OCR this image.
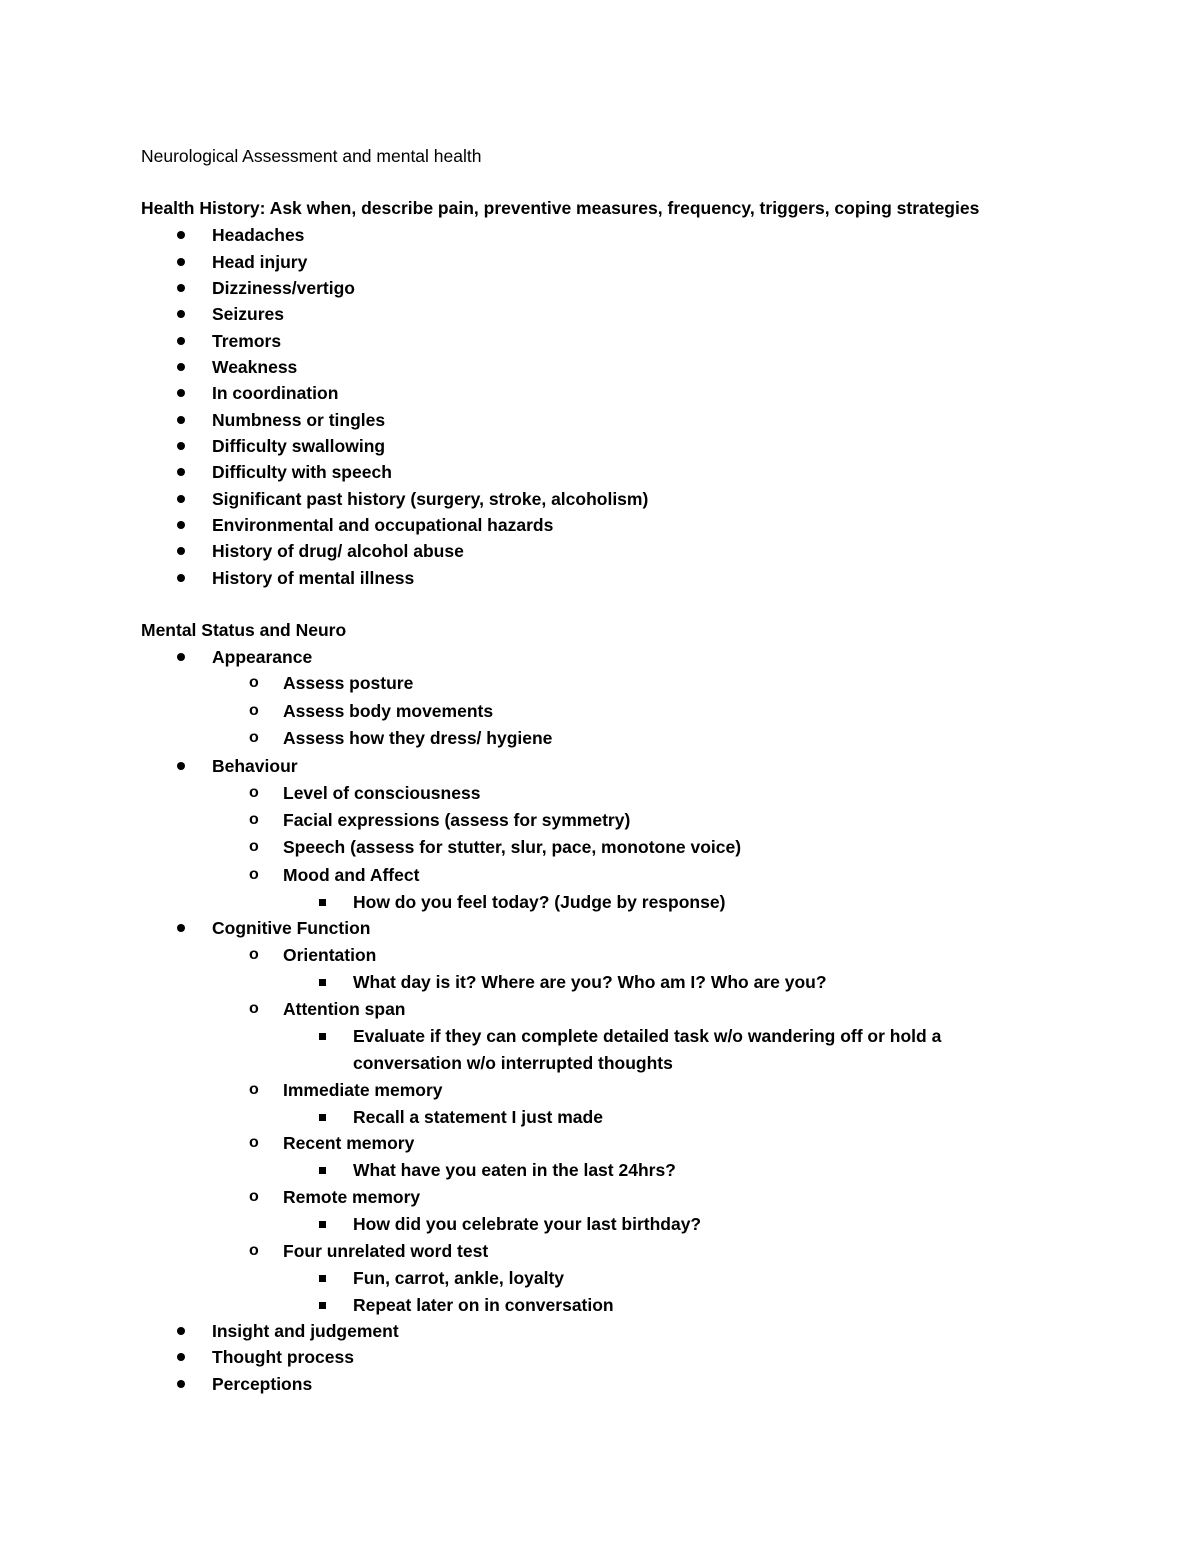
Neurological Assessment and mental health
Health History: Ask when, describe pain, preventive measures, frequency, triggers, coping strategies
Headaches
Head injury
Dizziness/vertigo
Seizures
Tremors
Weakness
In coordination
Numbness or tingles
Difficulty swallowing
Difficulty with speech
Significant past history (surgery, stroke, alcoholism)
Environmental and occupational hazards
History of drug/ alcohol abuse
History of mental illness
Mental Status and Neuro
Appearance
o Assess posture
o Assess body movements
o Assess how they dress/ hygiene
Behaviour
o Level of consciousness
o Facial expressions (assess for symmetry)
o Speech (assess for stutter, slur, pace, monotone voice)
o Mood and Affect
How do you feel today? (Judge by response)
Cognitive Function
o Orientation
What day is it? Where are you? Who am I? Who are you?
o Attention span
Evaluate if they can complete detailed task w/o wandering off or hold a
conversation w/o interrupted thoughts
o Immediate memory
Recall a statement I just made
o Recent memory
What have you eaten in the last 24hrs?
o Remote memory
How did you celebrate your last birthday?
o Four unrelated word test
Fun, carrot, ankle, loyalty
Repeat later on in conversation
Insight and judgement
Thought process
Perceptions
